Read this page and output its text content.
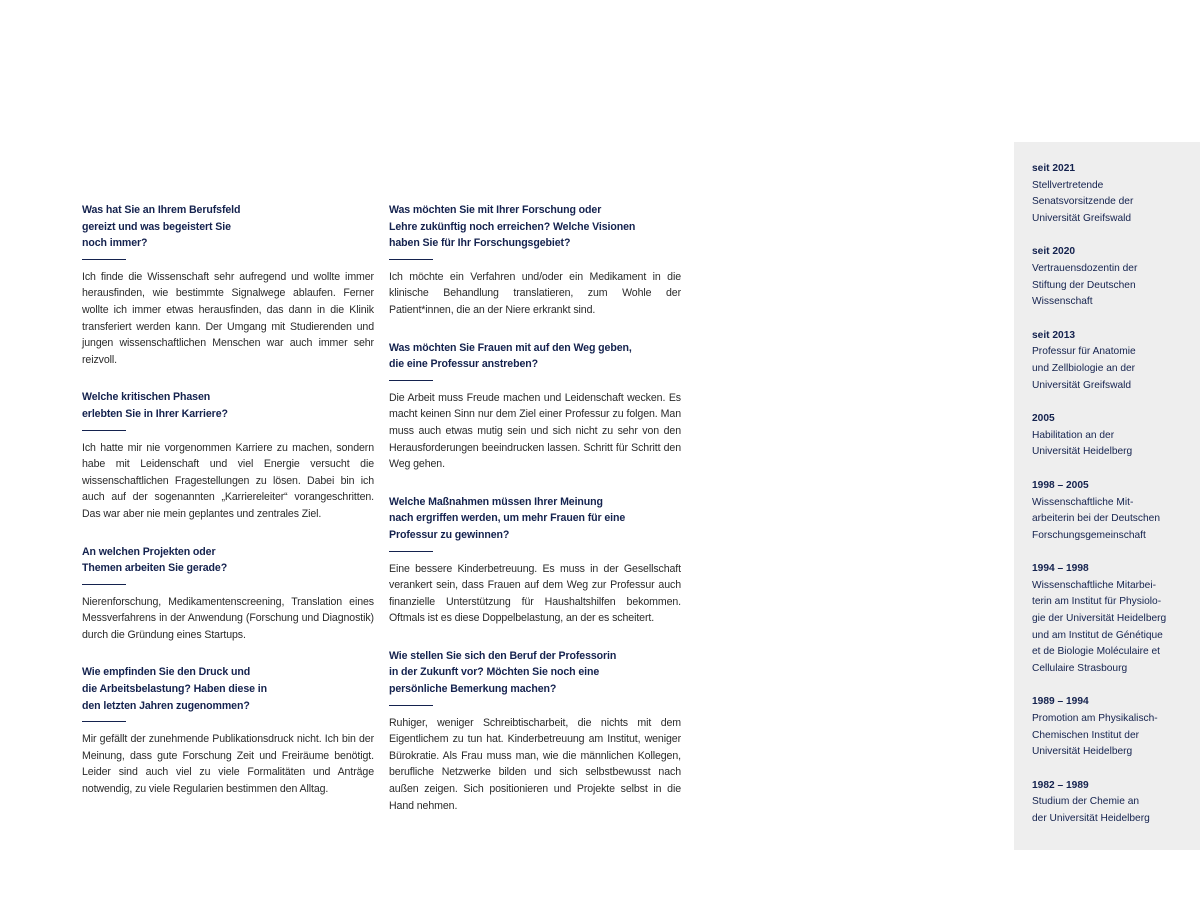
Was hat Sie an Ihrem Berufsfeld
gereizt und was begeistert Sie
noch immer?

Ich finde die Wissenschaft sehr aufregend und wollte immer herausfinden, wie bestimmte Signalwege ablaufen. Ferner wollte ich immer etwas herausfinden, das dann in die Klinik transferiert werden kann. Der Umgang mit Studierenden und jungen wissenschaftlichen Menschen war auch immer sehr reizvoll.

Welche kritischen Phasen
erlebten Sie in Ihrer Karriere?

Ich hatte mir nie vorgenommen Karriere zu machen, sondern habe mit Leidenschaft und viel Energie versucht die wissenschaftlichen Fragestellungen zu lösen. Dabei bin ich auch auf der sogenannten „Karriereleiter“ vorangeschritten. Das war aber nie mein geplantes und zentrales Ziel.

An welchen Projekten oder
Themen arbeiten Sie gerade?

Nierenforschung, Medikamentenscreening, Translation eines Messverfahrens in der Anwendung (Forschung und Diagnostik) durch die Gründung eines Startups.

Wie empfinden Sie den Druck und
die Arbeitsbelastung? Haben diese in
den letzten Jahren zugenommen?

Mir gefällt der zunehmende Publikationsdruck nicht. Ich bin der Meinung, dass gute Forschung Zeit und Freiräume benötigt. Leider sind auch viel zu viele Formalitäten und Anträge notwendig, zu viele Regularien bestimmen den Alltag.

Was möchten Sie mit Ihrer Forschung oder
Lehre zukünftig noch erreichen? Welche Visionen
haben Sie für Ihr Forschungsgebiet?

Ich möchte ein Verfahren und/oder ein Medikament in die klinische Behandlung translatieren, zum Wohle der Patient*innen, die an der Niere erkrankt sind.

Was möchten Sie Frauen mit auf den Weg geben,
die eine Professur anstreben?

Die Arbeit muss Freude machen und Leidenschaft wecken. Es macht keinen Sinn nur dem Ziel einer Professur zu folgen. Man muss auch etwas mutig sein und sich nicht zu sehr von den Herausforderungen beeindrucken lassen. Schritt für Schritt den Weg gehen.

Welche Maßnahmen müssen Ihrer Meinung
nach ergriffen werden, um mehr Frauen für eine
Professur zu gewinnen?

Eine bessere Kinderbetreuung. Es muss in der Gesellschaft verankert sein, dass Frauen auf dem Weg zur Professur auch finanzielle Unterstützung für Haushaltshilfen bekommen. Oftmals ist es diese Doppelbelastung, an der es scheitert.

Wie stellen Sie sich den Beruf der Professorin
in der Zukunft vor? Möchten Sie noch eine
persönliche Bemerkung machen?

Ruhiger, weniger Schreibtischarbeit, die nichts mit dem Eigentlichem zu tun hat. Kinderbetreuung am Institut, weniger Bürokratie. Als Frau muss man, wie die männlichen Kollegen, berufliche Netzwerke bilden und sich selbstbewusst nach außen zeigen. Sich positionieren und Projekte selbst in die Hand nehmen.

seit 2021

Stellvertretende
Senatsvorsitzende der
Universität Greifswald

seit 2020

Vertrauensdozentin der
Stiftung der Deutschen
Wissenschaft

seit 2013

Professur für Anatomie
und Zellbiologie an der
Universität Greifswald

2005

Habilitation an der
Universität Heidelberg

1998 – 2005

Wissenschaftliche Mit-
arbeiterin bei der Deutschen
Forschungsgemeinschaft

1994 – 1998

Wissenschaftliche Mitarbei-
terin am Institut für Physiolo-
gie der Universität Heidelberg
und am Institut de Génétique
et de Biologie Moléculaire et
Cellulaire Strasbourg

1989 – 1994

Promotion am Physikalisch-
Chemischen Institut der
Universität Heidelberg

1982 – 1989

Studium der Chemie an
der Universität Heidelberg
